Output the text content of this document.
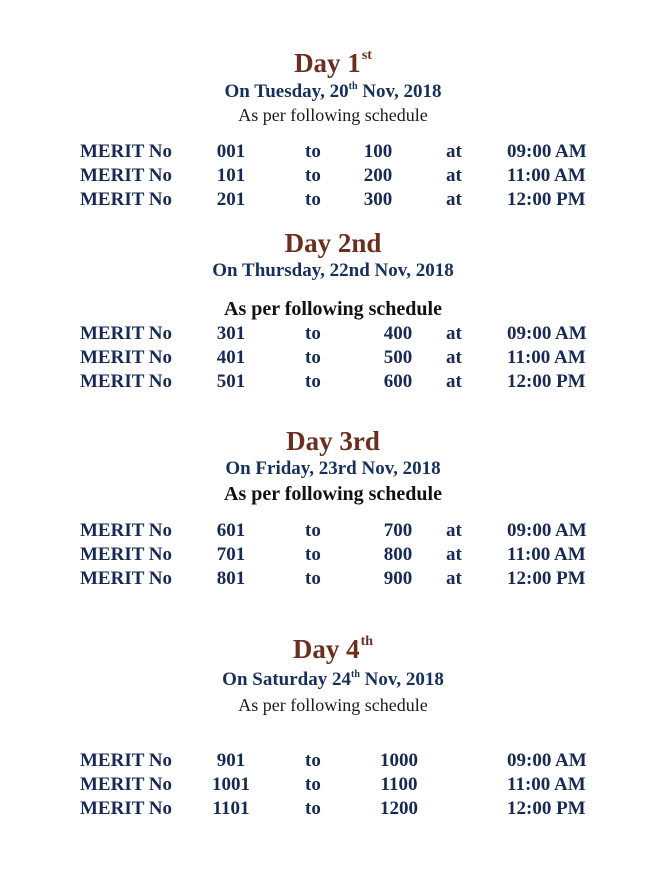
Day 1st
On Tuesday, 20th Nov, 2018
As per following schedule
MERIT No	001	to	100	at 09:00 AM
MERIT No	101	to	200	at 11:00 AM
MERIT No	201	to	300	at 12:00 PM
Day 2nd
On Thursday, 22nd Nov, 2018
As per following schedule
MERIT No	301	to	400	at 09:00 AM
MERIT No	401	to	500	at 11:00 AM
MERIT No	501	to	600	at 12:00 PM
Day 3rd
On Friday, 23rd Nov, 2018
As per following schedule
MERIT No	601	to	700	at 09:00 AM
MERIT No	701	to	800	at 11:00 AM
MERIT No	801	to	900	at 12:00 PM
Day 4th
On Saturday 24th Nov, 2018
As per following schedule
MERIT No	901	to	1000	09:00 AM
MERIT No	1001	to	1100	11:00 AM
MERIT No	1101	to	1200	12:00 PM
